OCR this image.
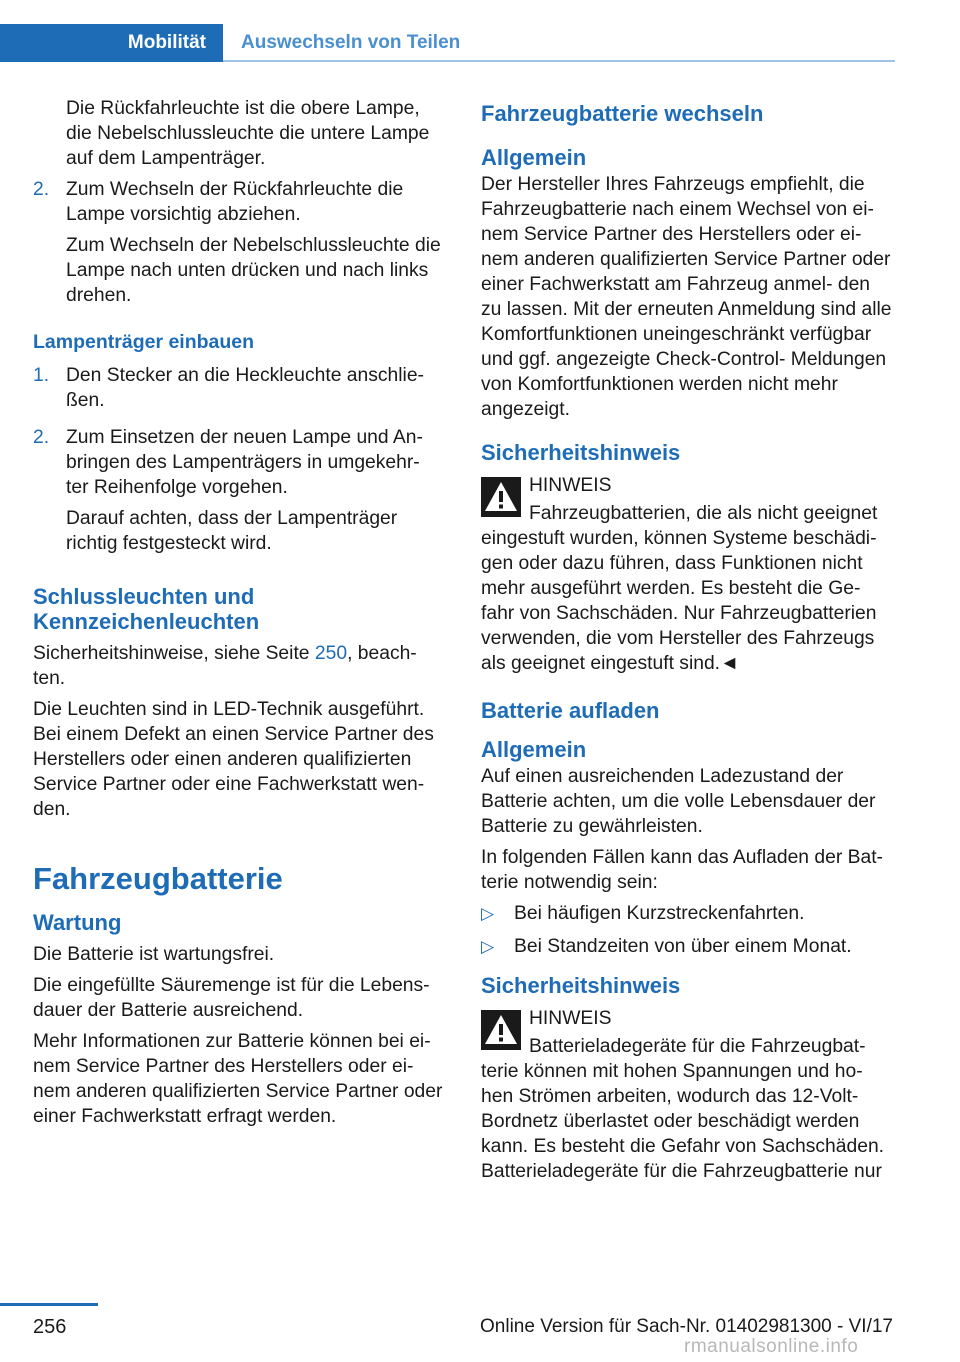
Mobilität Auswechseln von Teilen

Die Rückfahrleuchte ist die obere Lampe, die Nebelschlussleuchte die untere Lampe auf dem Lampenträger.

2. Zum Wechseln der Rückfahrleuchte die Lampe vorsichtig abziehen.

Zum Wechseln der Nebelschlussleuchte die Lampe nach unten drücken und nach links drehen.

Lampenträger einbauen
1. Den Stecker an die Heckleuchte anschlie‐ ßen.

2. Zum Einsetzen der neuen Lampe und An‐ bringen des Lampenträgers in umgekehr‐ ter Reihenfolge vorgehen.

Darauf achten, dass der Lampenträger richtig festgesteckt wird.

Schlussleuchten und Kennzeichenleuchten

Sicherheitshinweise, siehe Seite 250, beach‐ ten.

Die Leuchten sind in LED-Technik ausgeführt. Bei einem Defekt an einen Service Partner des Herstellers oder einen anderen qualifizierten Service Partner oder eine Fachwerkstatt wen‐ den.

Fahrzeugbatterie
Wartung

Die Batterie ist wartungsfrei.

Die eingefüllte Säuremenge ist für die Lebens‐ dauer der Batterie ausreichend.

Mehr Informationen zur Batterie können bei ei‐ nem Service Partner des Herstellers oder ei‐ nem anderen qualifizierten Service Partner oder einer Fachwerkstatt erfragt werden.

Fahrzeugbatterie wechseln
Allgemein

Der Hersteller Ihres Fahrzeugs empfiehlt, die Fahrzeugbatterie nach einem Wechsel von ei‐ nem Service Partner des Herstellers oder ei‐ nem anderen qualifizierten Service Partner oder einer Fachwerkstatt am Fahrzeug anmel‐ den zu lassen. Mit der erneuten Anmeldung sind alle Komfortfunktionen uneingeschränkt verfügbar und ggf. angezeigte Check-Control- Meldungen von Komfortfunktionen werden nicht mehr angezeigt.

Sicherheitshinweis
HINWEIS

Fahrzeugbatterien, die als nicht geeignet eingestuft wurden, können Systeme beschädi‐ gen oder dazu führen, dass Funktionen nicht mehr ausgeführt werden. Es besteht die Ge‐ fahr von Sachschäden. Nur Fahrzeugbatterien verwenden, die vom Hersteller des Fahrzeugs als geeignet eingestuft sind.◄

Batterie aufladen
Allgemein

Auf einen ausreichenden Ladezustand der Batterie achten, um die volle Lebensdauer der Batterie zu gewährleisten.

In folgenden Fällen kann das Aufladen der Bat‐ terie notwendig sein:

▷	Bei häufigen Kurzstreckenfahrten.
▷	Bei Standzeiten von über einem Monat.
Sicherheitshinweis
HINWEIS

Batterieladegeräte für die Fahrzeugbat‐ terie können mit hohen Spannungen und ho‐ hen Strömen arbeiten, wodurch das 12-Volt- Bordnetz überlastet oder beschädigt werden kann. Es besteht die Gefahr von Sachschäden. Batterieladegeräte für die Fahrzeugbatterie nur

256	Online Version für Sach-Nr. 01402981300 - VI/17
rmanualsonline.info
